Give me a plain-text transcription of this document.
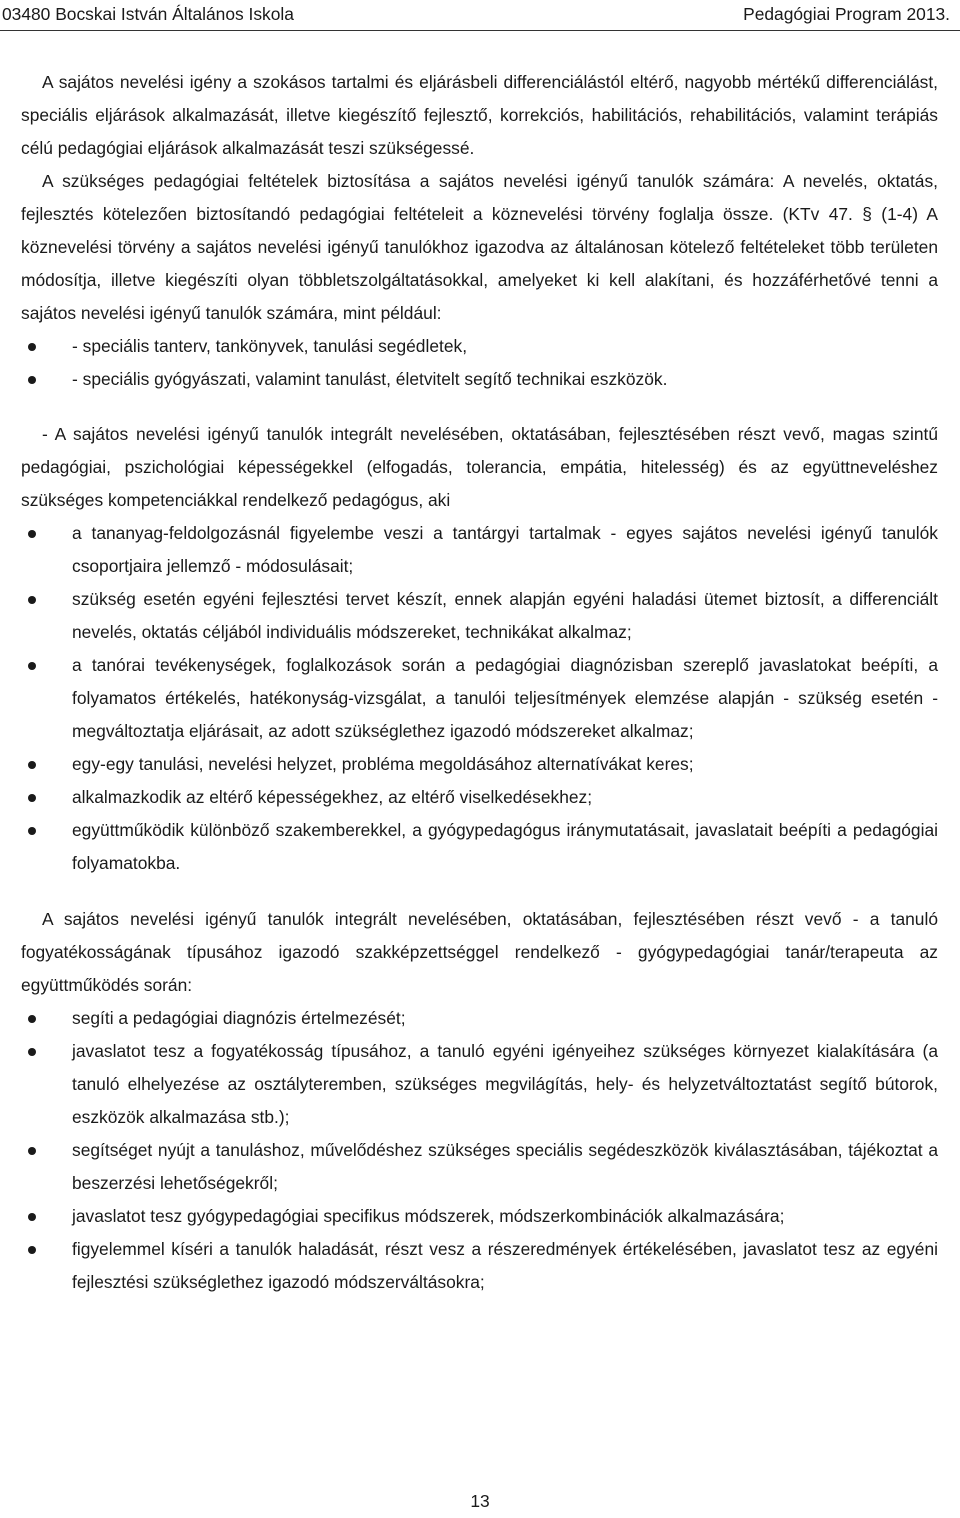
03480 Bocskai István Általános Iskola	Pedagógiai Program 2013.

A sajátos nevelési igény a szokásos tartalmi és eljárásbeli differenciálástól eltérő, nagyobb mértékű differenciálást, speciális eljárások alkalmazását, illetve kiegészítő fejlesztő, korrekciós, habilitációs, rehabilitációs, valamint terápiás célú pedagógiai eljárások alkalmazását teszi szükségessé.

A szükséges pedagógiai feltételek biztosítása a sajátos nevelési igényű tanulók számára: A nevelés, oktatás, fejlesztés kötelezően biztosítandó pedagógiai feltételeit a köznevelési törvény foglalja össze. (KTv 47. § (1-4) A köznevelési törvény a sajátos nevelési igényű tanulókhoz igazodva az általánosan kötelező feltételeket több területen módosítja, illetve kiegészíti olyan többletszolgáltatásokkal, amelyeket ki kell alakítani, és hozzáférhetővé tenni a sajátos nevelési igényű tanulók számára, mint például:

- speciális tanterv, tankönyvek, tanulási segédletek,
- speciális gyógyászati, valamint tanulást, életvitelt segítő technikai eszközök.

- A sajátos nevelési igényű tanulók integrált nevelésében, oktatásában, fejlesztésében részt vevő, magas szintű pedagógiai, pszichológiai képességekkel (elfogadás, tolerancia, empátia, hitelesség) és az együttneveléshez szükséges kompetenciákkal rendelkező pedagógus, aki

a tananyag-feldolgozásnál figyelembe veszi a tantárgyi tartalmak - egyes sajátos nevelési igényű tanulók csoportjaira jellemző - módosulásait;
szükség esetén egyéni fejlesztési tervet készít, ennek alapján egyéni haladási ütemet biztosít, a differenciált nevelés, oktatás céljából individuális módszereket, technikákat alkalmaz;
a tanórai tevékenységek, foglalkozások során a pedagógiai diagnózisban szereplő javaslatokat beépíti, a folyamatos értékelés, hatékonyság-vizsgálat, a tanulói teljesítmények elemzése alapján - szükség esetén - megváltoztatja eljárásait, az adott szükséglethez igazodó módszereket alkalmaz;
egy-egy tanulási, nevelési helyzet, probléma megoldásához alternatívákat keres;
alkalmazkodik az eltérő képességekhez, az eltérő viselkedésekhez;
együttműködik különböző szakemberekkel, a gyógypedagógus iránymutatásait, javaslatait beépíti a pedagógiai folyamatokba.

A sajátos nevelési igényű tanulók integrált nevelésében, oktatásában, fejlesztésében részt vevő - a tanuló fogyatékosságának típusához igazodó szakképzettséggel rendelkező - gyógypedagógiai tanár/terapeuta az együttműködés során:

segíti a pedagógiai diagnózis értelmezését;
javaslatot tesz a fogyatékosság típusához, a tanuló egyéni igényeihez szükséges környezet kialakítására (a tanuló elhelyezése az osztályteremben, szükséges megvilágítás, hely- és helyzetváltoztatást segítő bútorok, eszközök alkalmazása stb.);
segítséget nyújt a tanuláshoz, művelődéshez szükséges speciális segédeszközök kiválasztásában, tájékoztat a beszerzési lehetőségekről;
javaslatot tesz gyógypedagógiai specifikus módszerek, módszerkombinációk alkalmazására;
figyelemmel kíséri a tanulók haladását, részt vesz a részeredmények értékelésében, javaslatot tesz az egyéni fejlesztési szükséglethez igazodó módszerváltásokra;
13
